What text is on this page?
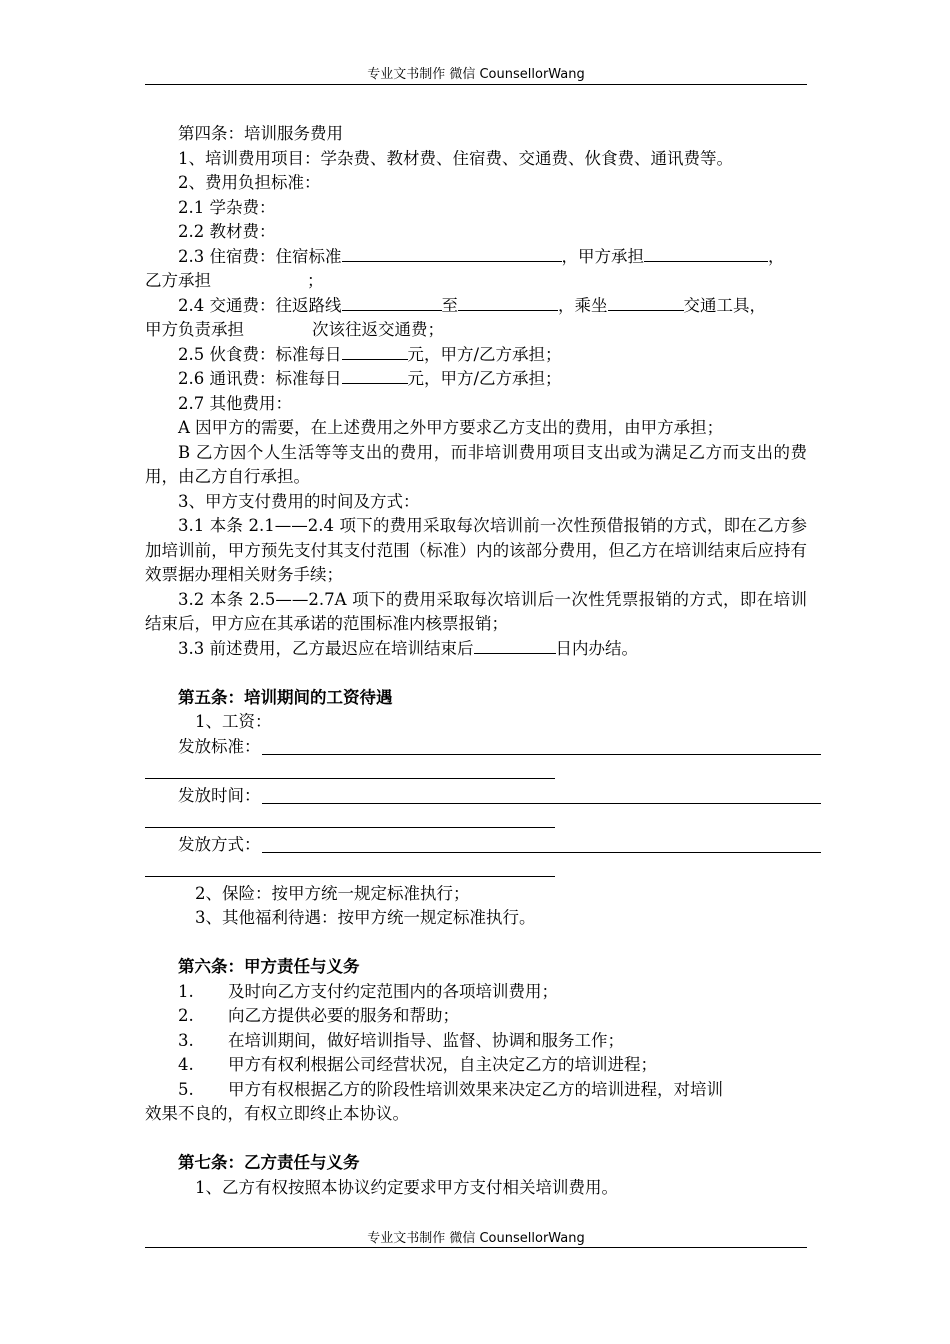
专业文书制作 微信 CounsellorWang

第四条：培训服务费用

1、培训费用项目：学杂费、教材费、住宿费、交通费、伙食费、通讯费等。

2、费用负担标准：

2.1 学杂费：

2.2 教材费：

2.3 住宿费：住宿标准	，甲方承担	，

乙方承担	；

2.4 交通费：往返路线	至	，乘坐	交通工具，

甲方负责承担	次该往返交通费；

2.5 伙食费：标准每日	元，甲方/乙方承担；

2.6 通讯费：标准每日	元，甲方/乙方承担；

2.7 其他费用：

A 因甲方的需要，在上述费用之外甲方要求乙方支出的费用，由甲方承担；

B 乙方因个人生活等等支出的费用，而非培训费用项目支出或为满足乙方而支出的费用，由乙方自行承担。

3、甲方支付费用的时间及方式：

3.1 本条 2.1——2.4 项下的费用采取每次培训前一次性预借报销的方式，即在乙方参加培训前，甲方预先支付其支付范围（标准）内的该部分费用，但乙方在培训结束后应持有效票据办理相关财务手续；

3.2 本条 2.5——2.7A 项下的费用采取每次培训后一次性凭票报销的方式，即在培训结束后，甲方应在其承诺的范围标准内核票报销；

3.3 前述费用，乙方最迟应在培训结束后	日内办结。

第五条：培训期间的工资待遇

1、工资：

发放标准：
发放时间：
发放方式：

2、保险：按甲方统一规定标准执行；

3、其他福利待遇：按甲方统一规定标准执行。

第六条：甲方责任与义务

1. 及时向乙方支付约定范围内的各项培训费用；

2. 向乙方提供必要的服务和帮助；

3. 在培训期间，做好培训指导、监督、协调和服务工作；

4. 甲方有权利根据公司经营状况，自主决定乙方的培训进程；

5. 甲方有权根据乙方的阶段性培训效果来决定乙方的培训进程，对培训

效果不良的，有权立即终止本协议。

第七条：乙方责任与义务

1、乙方有权按照本协议约定要求甲方支付相关培训费用。

专业文书制作 微信 CounsellorWang
